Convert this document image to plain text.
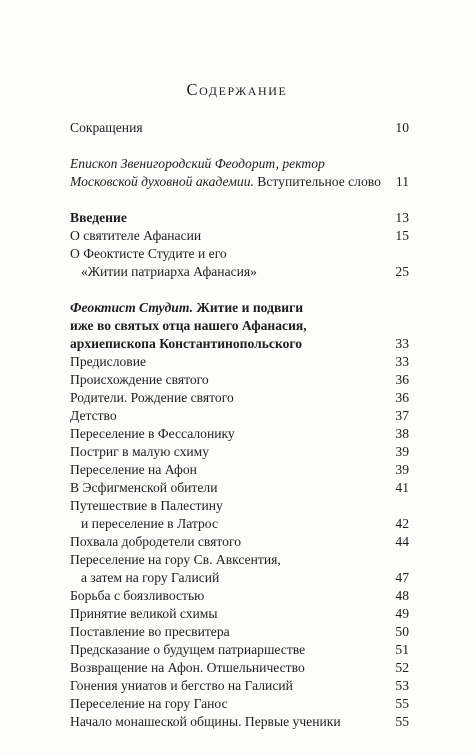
Содержание
Сокращения	10
Епископ Звенигородский Феодорит, ректор
Московской духовной академии. Вступительное слово 11
Введение	13
О святителе Афанасии	15
О Феоктисте Студите и его
«Житии патриарха Афанасия»	25
Феоктист Студит. Житие и подвиги
иже во святых отца нашего Афанасия,
архиепископа Константинопольского	33
Предисловие	33
Происхождение святого	36
Родители. Рождение святого	36
Детство	37
Переселение в Фессалонику	38
Постриг в малую схиму	39
Переселение на Афон	39
В Эсфигменской обители	41
Путешествие в Палестину
и переселение в Латрос	42
Похвала добродетели святого	44
Переселение на гору Св. Авксентия,
а затем на гору Галисий	47
Борьба с боязливостью	48
Принятие великой схимы	49
Поставление во пресвитера	50
Предсказание о будущем патриаршестве	51
Возвращение на Афон. Отшельничество	52
Гонения униатов и бегство на Галисий	53
Переселение на гору Ганос	55
Начало монашеской общины. Первые ученики	55
